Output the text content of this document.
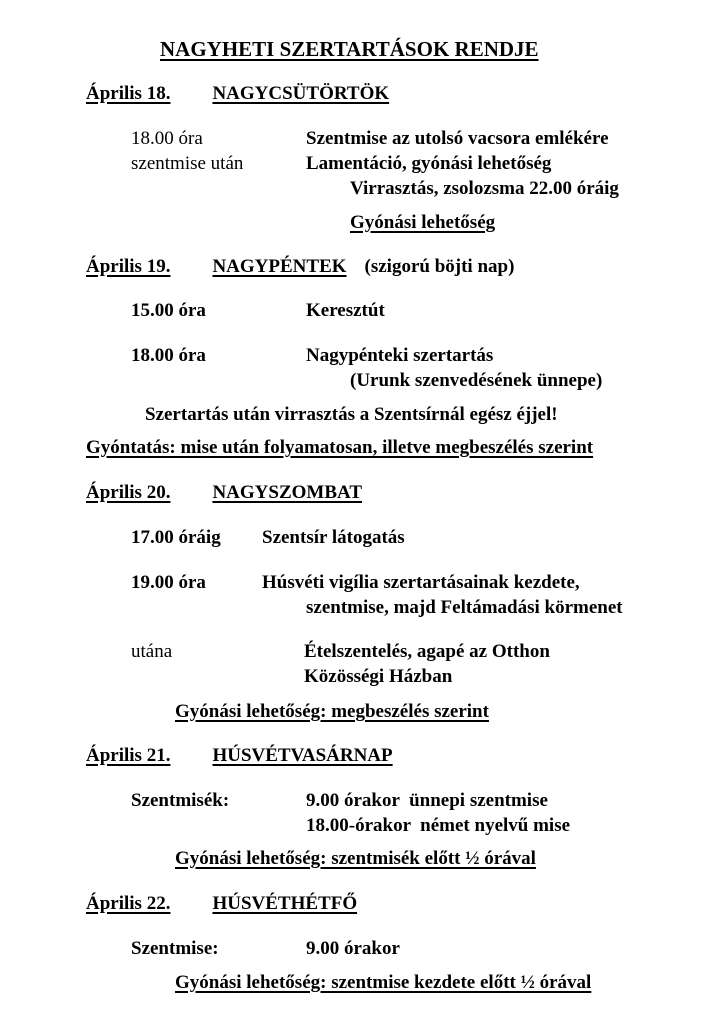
NAGYHETI SZERTARTÁSOK RENDJE
Április 18. NAGYCSÜTÖRTÖK
18.00 óra	Szentmise az utolsó vacsora emlékére
szentmise után	Lamentáció, gyónási lehetőség
Virrasztás, zsolozsma 22.00 óráig
Gyónási lehetőség
Április 19. NAGYPÉNTEK (szigorú böjti nap)
15.00 óra	Keresztút
18.00 óra	Nagypénteki szertartás
(Urunk szenvedésének ünnepe)
Szertartás után virrasztás a Szentsírnál egész éjjel!
Gyóntatás: mise után folyamatosan, illetve megbeszélés szerint
Április 20. NAGYSZOMBAT
17.00 óráig Szentsír látogatás
19.00 óra	Húsvéti vigília szertartásainak kezdete,
szentmise, majd Feltámadási körmenet
utána	Ételszentelés, agapé az Otthon
Közösségi Házban
Gyónási lehetőség: megbeszélés szerint
Április 21. HÚSVÉTVASÁRNAP
Szentmisék:	9.00 órakor  ünnepi szentmise
18.00-órakor  német nyelvű mise
Gyónási lehetőség: szentmisék előtt ½ órával
Április 22. HÚSVÉTHÉTFŐ
Szentmise:	9.00 órakor
Gyónási lehetőség: szentmise kezdete előtt ½ órával
